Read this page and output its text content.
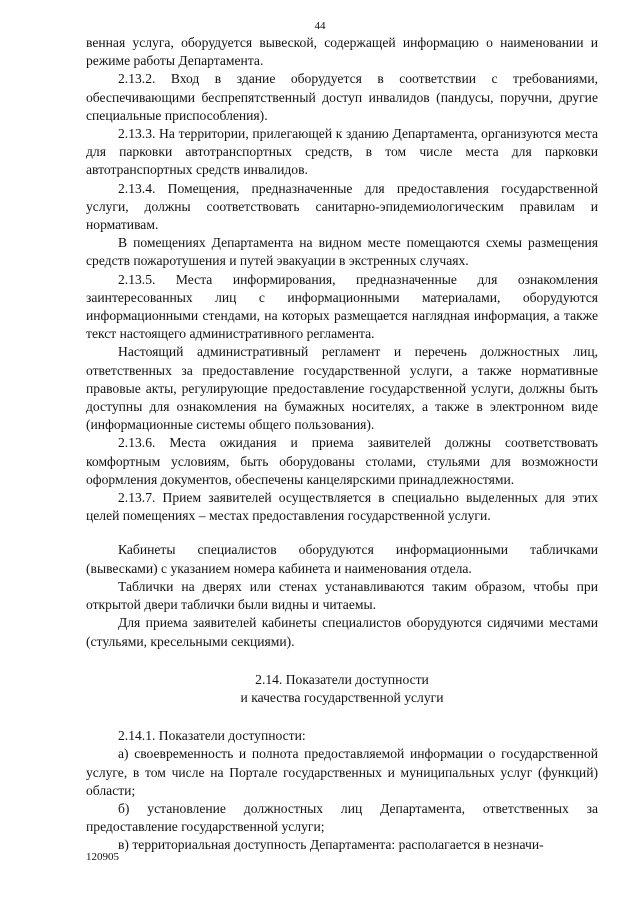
44

венная услуга, оборудуется вывеской, содержащей информацию о наименовании и режиме работы Департамента.

2.13.2. Вход в здание оборудуется в соответствии с требованиями, обеспечивающими беспрепятственный доступ инвалидов (пандусы, поручни, другие специальные приспособления).

2.13.3. На территории, прилегающей к зданию Департамента, организуются места для парковки автотранспортных средств, в том числе места для парковки автотранспортных средств инвалидов.

2.13.4. Помещения, предназначенные для предоставления государственной услуги, должны соответствовать санитарно-эпидемиологическим правилам и нормативам.

В помещениях Департамента на видном месте помещаются схемы размещения средств пожаротушения и путей эвакуации в экстренных случаях.

2.13.5. Места информирования, предназначенные для ознакомления заинтересованных лиц с информационными материалами, оборудуются информационными стендами, на которых размещается наглядная информация, а также текст настоящего административного регламента.

Настоящий административный регламент и перечень должностных лиц, ответственных за предоставление государственной услуги, а также нормативные правовые акты, регулирующие предоставление государственной услуги, должны быть доступны для ознакомления на бумажных носителях, а также в электронном виде (информационные системы общего пользования).

2.13.6. Места ожидания и приема заявителей должны соответствовать комфортным условиям, быть оборудованы столами, стульями для возможности оформления документов, обеспечены канцелярскими принадлежностями.

2.13.7. Прием заявителей осуществляется в специально выделенных для этих целей помещениях – местах предоставления государственной услуги.

Кабинеты специалистов оборудуются информационными табличками (вывесками) с указанием номера кабинета и наименования отдела.

Таблички на дверях или стенах устанавливаются таким образом, чтобы при открытой двери таблички были видны и читаемы.

Для приема заявителей кабинеты специалистов оборудуются сидячими местами (стульями, кресельными секциями).

2.14. Показатели доступности

и качества государственной услуги

2.14.1. Показатели доступности:

а) своевременность и полнота предоставляемой информации о государственной услуге, в том числе на Портале государственных и муниципальных услуг (функций) области;

б) установление должностных лиц Департамента, ответственных за предоставление государственной услуги;

в) территориальная доступность Департамента: располагается в незначи-

120905
